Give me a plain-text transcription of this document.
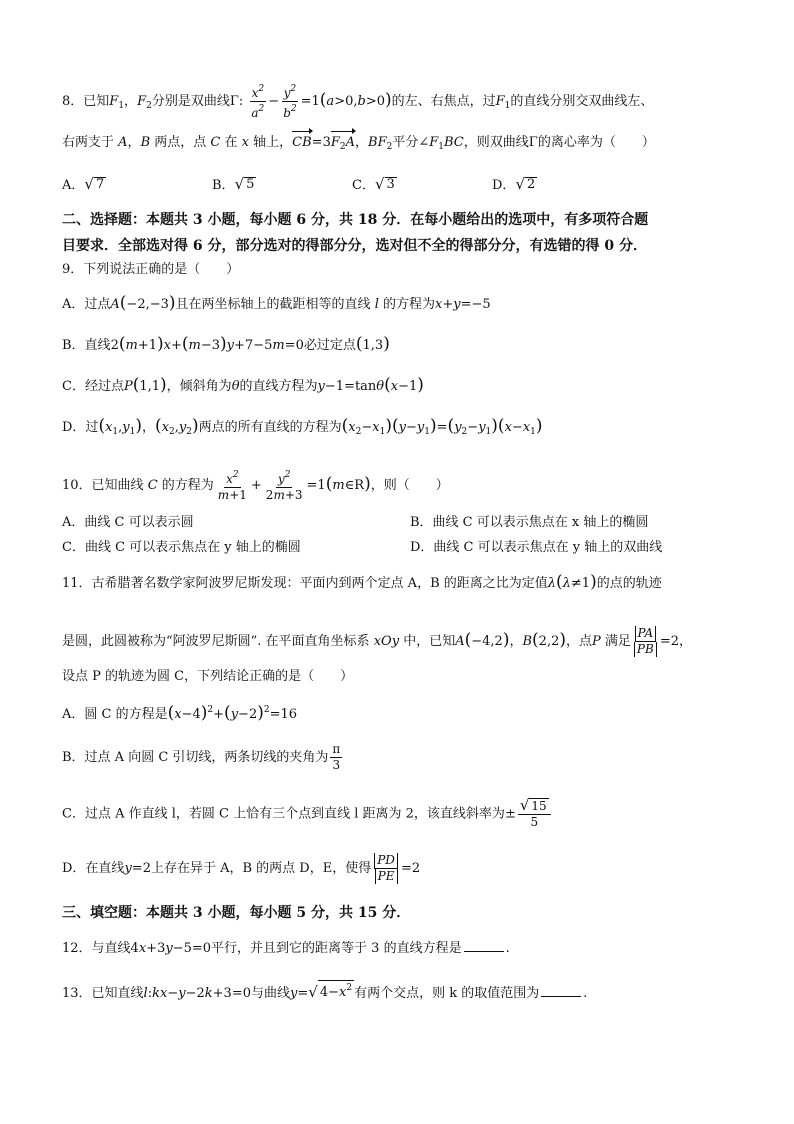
8．已知$F_1$，$F_2$分别是双曲线Γ: $\frac{x^2}{a^2} - \frac{y^2}{b^2} =1(a>0,b>0)$的左、右焦点，过$F_1$的直线分别交双曲线左、
右两支于 A，B 两点，点 C 在 x 轴上，$CB=3F_2A$，$BF_2$平分$\angle F_1BC$，则双曲线Γ的离心率为（　　）
A． √ 7	B． √ 5	C． √ 3	D． √ 2
二、选择题：本题共 3 小题，每小题 6 分，共 18 分．在每小题给出的选项中，有多项符合题
目要求．全部选对得 6 分，部分选对的得部分分，选对但不全的得部分分，有选错的得 0 分．
9．下列说法正确的是（　　）
A．过点A(−2,−3)且在两坐标轴上的截距相等的直线 l 的方程为x+y=−5
B．直线2(m+1)x+(m−3)y+7−5m=0必过定点(1,3)
C．经过点P(1,1)，倾斜角为θ的直线方程为y−1=tanθ(x−1)
D．过$(x_1,y_1)$，$(x_2,y_2)$两点的所有直线的方程为$(x_2-x_1)(y-y_1)=(y_2-y_1)(x-x_1)$
10．已知曲线 C 的方程为 $\frac{x^2}{m+1} + \frac{y^2}{2m+3}$ =1(m∈R)，则（　　）
A．曲线 C 可以表示圆	B．曲线 C 可以表示焦点在 x 轴上的椭圆
C．曲线 C 可以表示焦点在 y 轴上的椭圆	D．曲线 C 可以表示焦点在 y 轴上的双曲线
11．古希腊著名数学家阿波罗尼斯发现：平面内到两个定点 A，B 的距离之比为定值λ(λ≠1)的点的轨迹
是圆，此圆被称为“阿波罗尼斯圆”. 在平面直角坐标系 xOy 中，已知A(−4,2)，B(2,2)，点P 满足 $\frac{PA}{PB} =2$，
设点 P 的轨迹为圆 C，下列结论正确的是（　　）
A．圆 C 的方程是$(x-4)^2+(y-2)^2=16$
B．过点 A 向圆 C 引切线，两条切线的夹角为 $\frac{\pi}{3}$
C．过点 A 作直线 l，若圆 C 上恰有三个点到直线 l 距离为 2，该直线斜率为± $\frac{√ 15}{5}$
D．在直线y=2上存在异于 A，B 的两点 D，E，使得 $\frac{PD}{PE} =2$
三、填空题：本题共 3 小题，每小题 5 分，共 15 分．
12．与直线4x+3y−5=0平行，并且到它的距离等于 3 的直线方程是	.
13．已知直线l:kx−y−2k+3=0与曲线y= √ $4-x^2$ 有两个交点，则 k 的取值范围为	.
